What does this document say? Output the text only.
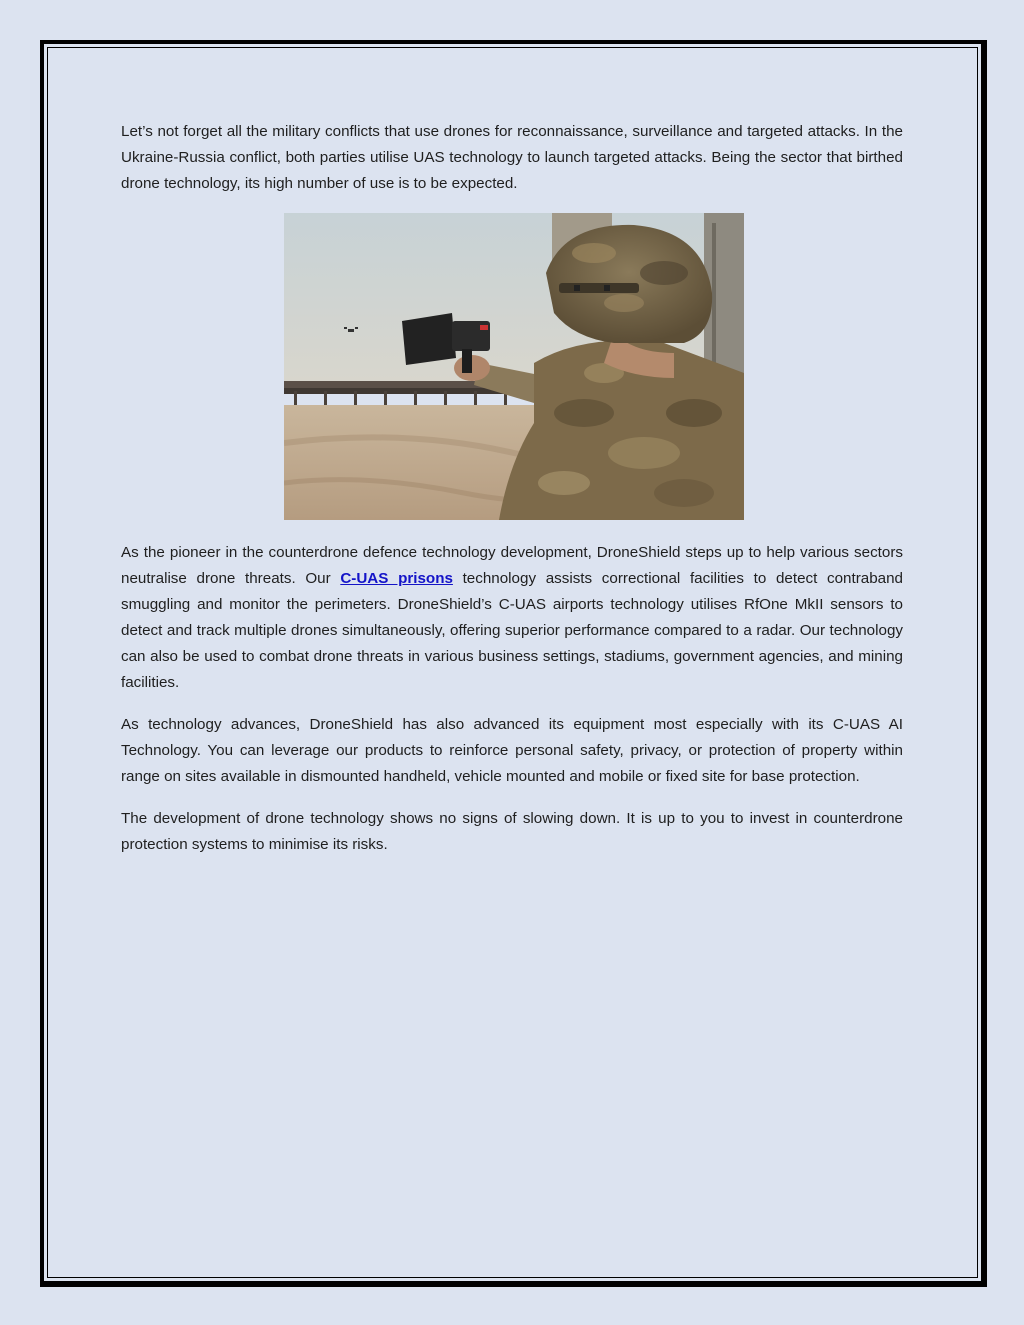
Let’s not forget all the military conflicts that use drones for reconnaissance, surveillance and targeted attacks. In the Ukraine-Russia conflict, both parties utilise UAS technology to launch targeted attacks. Being the sector that birthed drone technology, its high number of use is to be expected.

As the pioneer in the counterdrone defence technology development, DroneShield steps up to help various sectors neutralise drone threats. Our C-UAS prisons technology assists correctional facilities to detect contraband smuggling and monitor the perimeters. DroneShield’s C-UAS airports technology utilises RfOne MkII sensors to detect and track multiple drones simultaneously, offering superior performance compared to a radar. Our technology can also be used to combat drone threats in various business settings, stadiums, government agencies, and mining facilities.

As technology advances, DroneShield has also advanced its equipment most especially with its C-UAS AI Technology. You can leverage our products to reinforce personal safety, privacy, or protection of property within range on sites available in dismounted handheld, vehicle mounted and mobile or fixed site for base protection.

The development of drone technology shows no signs of slowing down. It is up to you to invest in counterdrone protection systems to minimise its risks.
